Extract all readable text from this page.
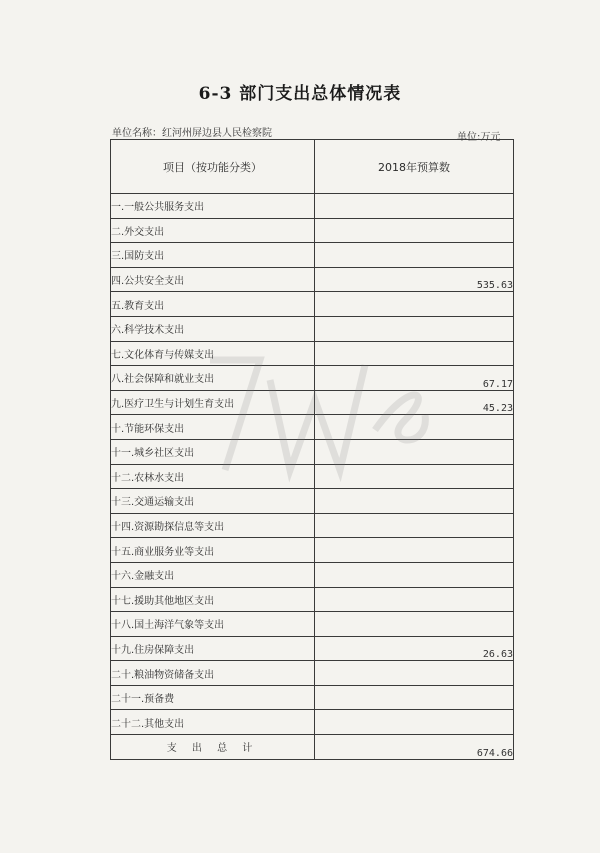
6-3 部门支出总体情况表
单位名称：红河州屏边县人民检察院	单位:万元
项目（按功能分类）	2018年预算数
一.一般公共服务支出	
二.外交支出	
三.国防支出	
四.公共安全支出	535.63
五.教育支出	
六.科学技术支出	
七.文化体育与传媒支出	
八.社会保障和就业支出	67.17
九.医疗卫生与计划生育支出	45.23
十.节能环保支出	
十一.城乡社区支出	
十二.农林水支出	
十三.交通运输支出	
十四.资源勘探信息等支出	
十五.商业服务业等支出	
十六.金融支出	
十七.援助其他地区支出	
十八.国土海洋气象等支出	
十九.住房保障支出	26.63
二十.粮油物资储备支出	
二十一.预备费	
二十二.其他支出	
支 出 总 计	674.66
